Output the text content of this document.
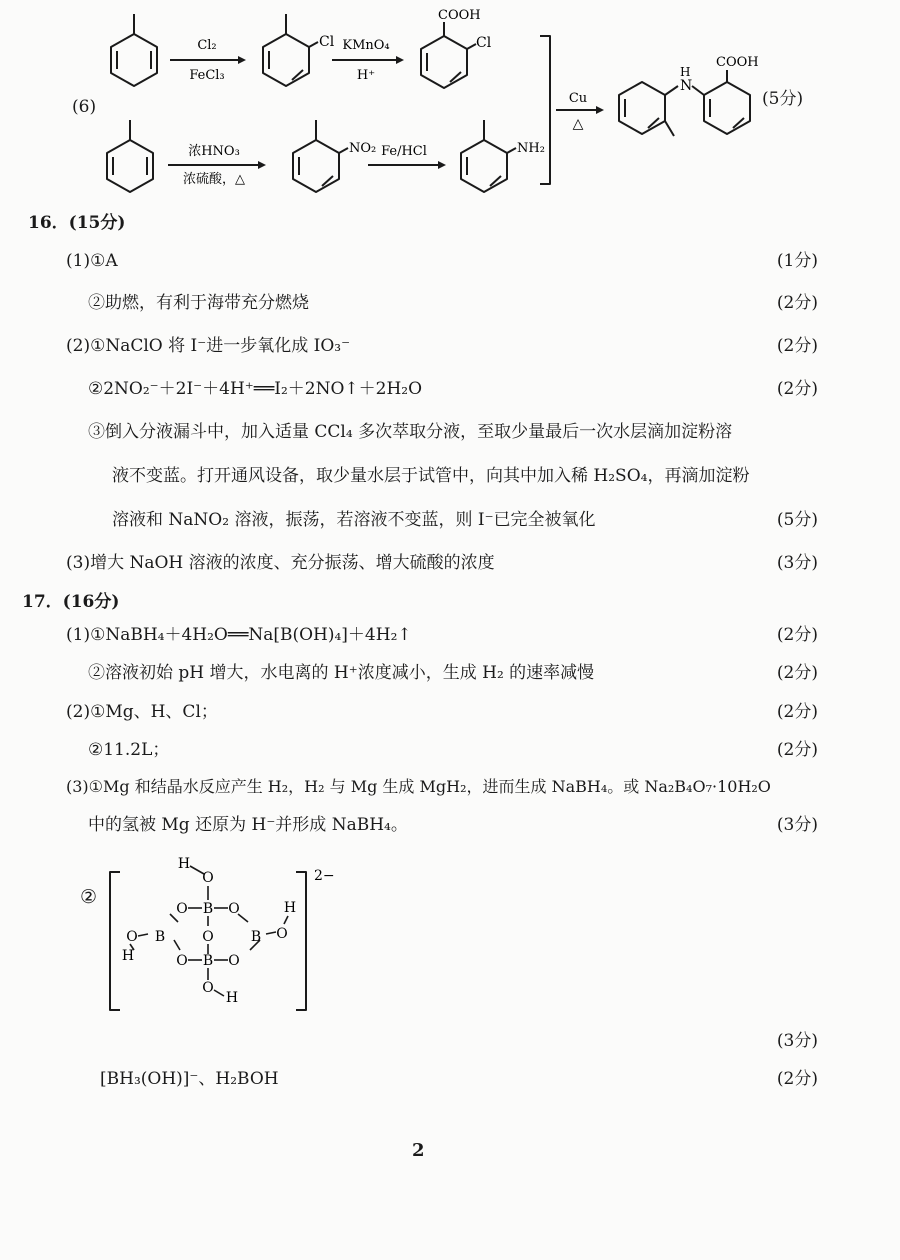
Cl₂
FeCl₃
Cl KMnO₄
H⁺
COOH
Cl
浓HNO₃
浓硫酸，△
NO₂ Fe/HCl	NH₂
Cu
△
N
H
COOH
(6)	(5分)
16．(15分)
(1)①A	(1分)
②助燃，有利于海带充分燃烧	(2分)
(2)①NaClO 将 I⁻进一步氧化成 IO₃⁻	(2分)
②2NO₂⁻＋2I⁻＋4H⁺══I₂＋2NO↑＋2H₂O	(2分)
③倒入分液漏斗中，加入适量 CCl₄ 多次萃取分液，至取少量最后一次水层滴加淀粉溶
液不变蓝。打开通风设备，取少量水层于试管中，向其中加入稀 H₂SO₄，再滴加淀粉
溶液和 NaNO₂ 溶液，振荡，若溶液不变蓝，则 I⁻已完全被氧化	(5分)
(3)增大 NaOH 溶液的浓度、充分振荡、增大硫酸的浓度	(3分)
17．(16分)
(1)①NaBH₄＋4H₂O══Na[B(OH)₄]＋4H₂↑	(2分)
②溶液初始 pH 增大，水电离的 H⁺浓度减小，生成 H₂ 的速率减慢	(2分)
(2)①Mg、H、Cl；	(2分)
②11.2L；	(2分)
(3)①Mg 和结晶水反应产生 H₂，H₂ 与 Mg 生成 MgH₂，进而生成 NaBH₄。或 Na₂B₄O₇·10H₂O
中的氢被 Mg 还原为 H⁻并形成 NaBH₄。	(3分)
②
H
O
O B O
O B	O	B O
H
H	O B O
O
H
2−
(3分)
[BH₃(OH)]⁻、H₂BOH	(2分)
2
